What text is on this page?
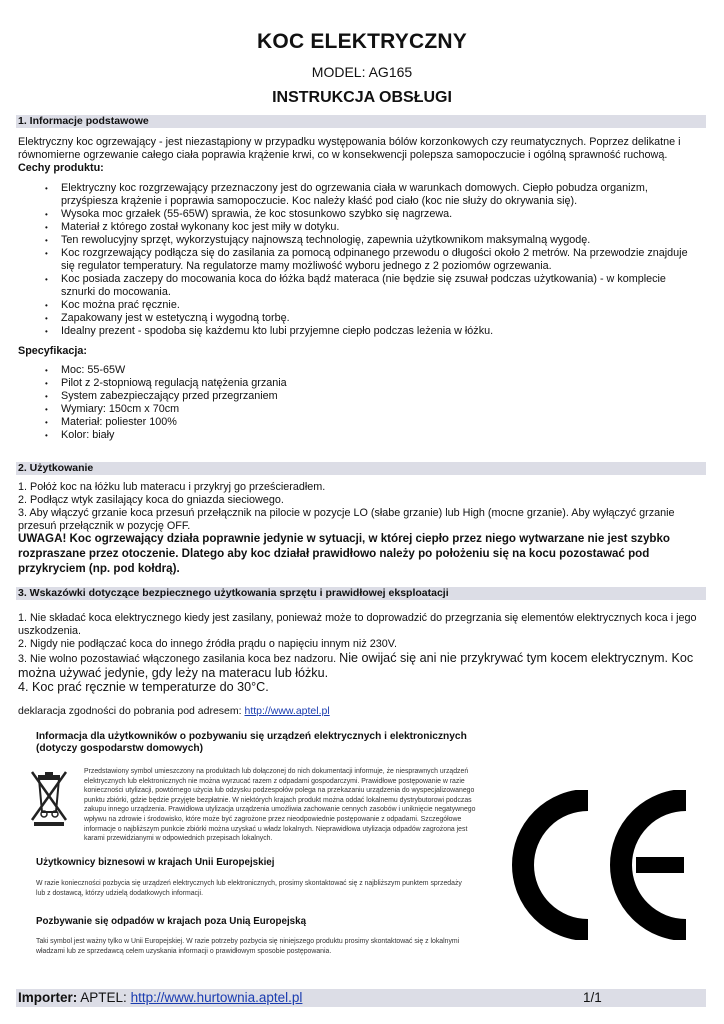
KOC ELEKTRYCZNY
MODEL: AG165
INSTRUKCJA OBSŁUGI
1. Informacje podstawowe
Elektryczny koc ogrzewający - jest niezastąpiony w przypadku występowania bólów korzonkowych czy reumatycznych. Poprzez delikatne i równomierne ogrzewanie całego ciała poprawia krążenie krwi, co w konsekwencji polepsza samopoczucie i ogólną sprawność ruchową.
Cechy produktu:
• Elektryczny koc rozgrzewający przeznaczony jest do ogrzewania ciała w warunkach domowych. Ciepło pobudza organizm, przyśpiesza krążenie i poprawia samopoczucie. Koc należy kłaść pod ciało (koc nie służy do okrywania się).
• Wysoka moc grzałek (55-65W) sprawia, że koc stosunkowo szybko się nagrzewa.
• Materiał z którego został wykonany koc jest miły w dotyku.
• Ten rewolucyjny sprzęt, wykorzystujący najnowszą technologię, zapewnia użytkownikom maksymalną wygodę.
• Koc rozgrzewający podłącza się do zasilania za pomocą odpinanego przewodu o długości około 2 metrów. Na przewodzie znajduje się regulator temperatury. Na regulatorze mamy możliwość wyboru jednego z 2 poziomów ogrzewania.
• Koc posiada zaczepy do mocowania koca do łóżka bądź materaca (nie będzie się zsuwał podczas użytkowania) - w komplecie sznurki do mocowania.
• Koc można prać ręcznie.
• Zapakowany jest w estetyczną i wygodną torbę.
• Idealny prezent - spodoba się każdemu kto lubi przyjemne ciepło podczas leżenia w łóżku.
Specyfikacja:
• Moc: 55-65W
• Pilot z 2-stopniową regulacją natężenia grzania
• System zabezpieczający przed przegrzaniem
• Wymiary: 150cm x 70cm
• Materiał: poliester 100%
• Kolor: biały
2. Użytkowanie
1. Połóż koc na łóżku lub materacu i przykryj go prześcieradłem.
2. Podłącz wtyk zasilający koca do gniazda sieciowego.
3. Aby włączyć grzanie koca przesuń przełącznik na pilocie w pozycje LO (słabe grzanie) lub High (mocne grzanie). Aby wyłączyć grzanie przesuń przełącznik w pozycję OFF.
UWAGA! Koc ogrzewający działa poprawnie jedynie w sytuacji, w której ciepło przez niego wytwarzane nie jest szybko rozpraszane przez otoczenie. Dlatego aby koc działał prawidłowo należy po położeniu się na kocu pozostawać pod przykryciem (np. pod kołdrą).
3. Wskazówki dotyczące bezpiecznego użytkowania sprzętu i prawidłowej eksploatacji
1. Nie składać koca elektrycznego kiedy jest zasilany, ponieważ może to doprowadzić do przegrzania się elementów elektrycznych koca i jego uszkodzenia.
2. Nigdy nie podłączać koca do innego źródła prądu o napięciu innym niż 230V.
3. Nie wolno pozostawiać włączonego zasilania koca bez nadzoru. Nie owijać się ani nie przykrywać tym kocem elektrycznym. Koc można używać jedynie, gdy leży na materacu lub łóżku.
4. Koc prać ręcznie w temperaturze do 30°C.
deklaracja zgodności do pobrania pod adresem: http://www.aptel.pl
Informacja dla użytkowników o pozbywaniu się urządzeń elektrycznych i elektronicznych (dotyczy gospodarstw domowych)
Przedstawiony symbol umieszczony na produktach lub dołączonej do nich dokumentacji informuje, że niesprawnych urządzeń elektrycznych lub elektronicznych nie można wyrzucać razem z odpadami gospodarczymi. Prawidłowe postępowanie w razie konieczności utylizacji, powtórnego użycia lub odzysku podzespołów polega na przekazaniu urządzenia do wyspecjalizowanego punktu zbiórki, gdzie będzie przyjęte bezpłatnie. W niektórych krajach produkt można oddać lokalnemu dystrybutorowi podczas zakupu innego urządzenia. Prawidłowa utylizacja urządzenia umożliwia zachowanie cennych zasobów i uniknięcie negatywnego wpływu na zdrowie i środowisko, które może być zagrożone przez nieodpowiednie postępowanie z odpadami. Szczegółowe informacje o najbliższym punkcie zbiórki można uzyskać u władz lokalnych. Nieprawidłowa utylizacja odpadów zagrożona jest karami przewidzianymi w odpowiednich przepisach lokalnych.
Użytkownicy biznesowi w krajach Unii Europejskiej
W razie konieczności pozbycia się urządzeń elektrycznych lub elektronicznych, prosimy skontaktować się z najbliższym punktem sprzedaży lub z dostawcą, którzy udzielą dodatkowych informacji.
Pozbywanie się odpadów w krajach poza Unią Europejską
Taki symbol jest ważny tylko w Unii Europejskiej. W razie potrzeby pozbycia się niniejszego produktu prosimy skontaktować się z lokalnymi władzami lub ze sprzedawcą celem uzyskania informacji o prawidłowym sposobie postępowania.
Importer: APTEL: http://www.hurtownia.aptel.pl	1/1
